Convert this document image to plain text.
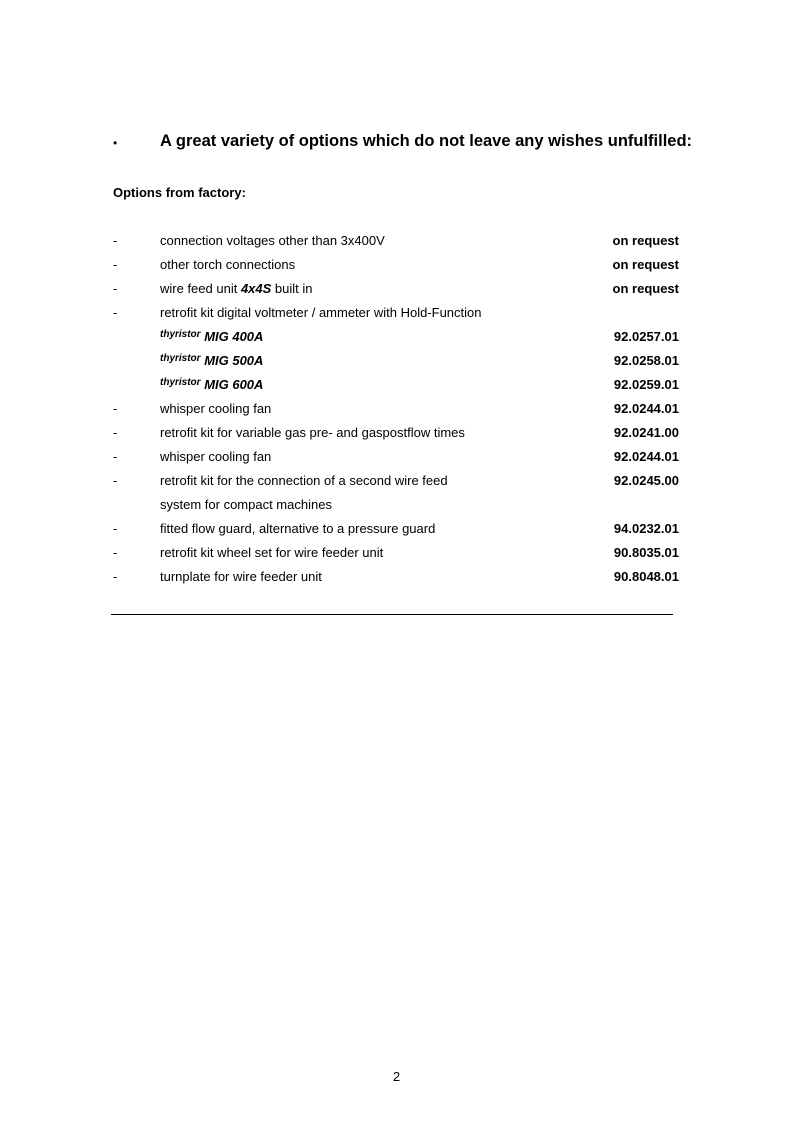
•	A great variety of options which do not leave any wishes unfulfilled:
Options from factory:
-	connection voltages other than 3x400V	on request
-	other torch connections	on request
-	wire feed unit 4x4S built in	on request
-	retrofit kit digital voltmeter / ammeter with Hold-Function
$^{thyristor}$ MIG 400A	92.0257.01
$^{thyristor}$ MIG 500A	92.0258.01
$^{thyristor}$ MIG 600A	92.0259.01
-	whisper cooling fan	92.0244.01
-	retrofit kit for variable gas pre- and gaspostflow times	92.0241.00
-	whisper cooling fan	92.0244.01
-	retrofit kit for the connection of a second wire feed	92.0245.00
system for compact machines
-	fitted flow guard, alternative to a pressure guard	94.0232.01
-	retrofit kit wheel set for wire feeder unit	90.8035.01
-	turnplate for wire feeder unit	90.8048.01
2
